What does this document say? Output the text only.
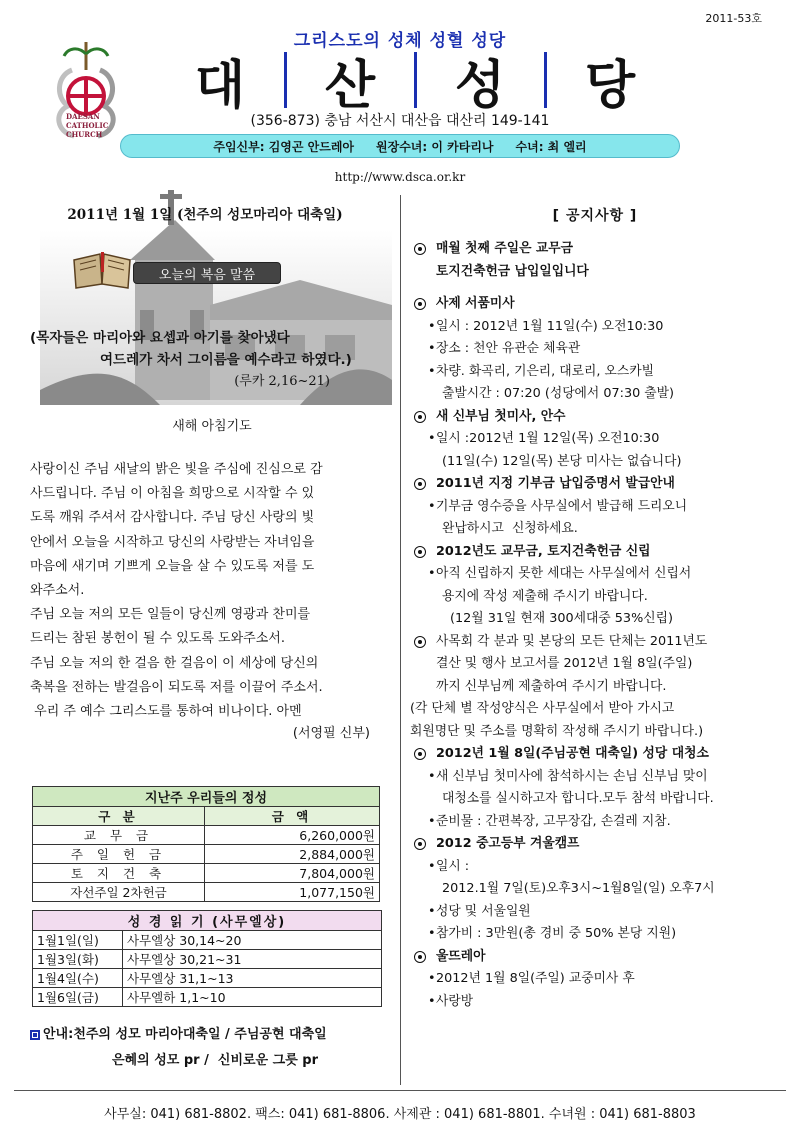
2011-53호
그리스도의 성체 성혈 성당
DAESAN
CATHOLIC
CHURCH
대	산	성	당
(356-873) 충남 서산시 대산읍 대산리 149-141
주임신부: 김영곤 안드레아 원장수녀: 이 카타리나 수녀: 최 엘리
http://www.dsca.or.kr
2011년 1월 1일 (천주의 성모마리아 대축일)
오늘의 복음 말씀
(목자들은 마리아와 요셉과 아기를 찾아냈다
여드레가 차서 그이름을 예수라고 하였다.)
(루카 2,16~21)
새해 아침기도

사랑이신 주님 새날의 밝은 빛을 주심에 진심으로 감

사드립니다. 주님 이 아침을 희망으로 시작할 수 있

도록 깨워 주셔서 감사합니다. 주님 당신 사랑의 빛

안에서 오늘을 시작하고 당신의 사랑받는 자녀임을

마음에 새기며 기쁘게 오늘을 살 수 있도록 저를 도

와주소서.

주님 오늘 저의 모든 일들이 당신께 영광과 찬미를

드리는 참된 봉헌이 될 수 있도록 도와주소서.

주님 오늘 저의 한 걸음 한 걸음이 이 세상에 당신의

축복을 전하는 발걸음이 되도록 저를 이끌어 주소서.

우리 주 예수 그리스도를 통하여 비나이다. 아멘

(서영필 신부)
지난주 우리들의 정성	
구 분	금 액
교 무 금	6,260,000원
주 일 헌 금	2,884,000원
토 지 건 축	7,804,000원
자선주일 2차헌금	1,077,150원
성 경 읽 기 (사무엘상)	
1월1일(일)	사무엘상 30,14~20
1월3일(화)	사무엘상 30,21~31
1월4일(수)	사무엘상 31,1~13
1월6일(금)	사무엘하 1,1~10
안내:천주의 성모 마리아대축일 / 주님공현 대축일
은혜의 성모 pr /  신비로운 그릇 pr
[ 공지사항 ]
매월 첫째 주일은 교무금
토지건축헌금 납입일입니다
사제 서품미사
• 일시 : 2012년 1월 11일(수) 오전10:30
• 장소 : 천안 유관순 체육관
• 차량. 화곡리, 기은리, 대로리, 오스카빌
출발시간 : 07:20 (성당에서 07:30 출발)
새 신부님 첫미사, 안수
• 일시 :2012년 1월 12일(목) 오전10:30
(11일(수) 12일(목) 본당 미사는 없습니다)
2011년 지정 기부금 납입증명서 발급안내
• 기부금 영수증을 사무실에서 발급해 드리오니
완납하시고  신청하세요.
2012년도 교무금, 토지건축헌금 신립
• 아직 신립하지 못한 세대는 사무실에서 신립서
용지에 작성 제출해 주시기 바랍니다.
(12월 31일 현재 300세대중 53%신립)
사목회 각 분과 및 본당의 모든 단체는 2011년도
결산 및 행사 보고서를 2012년 1월 8일(주일)
까지 신부님께 제출하여 주시기 바랍니다.
(각 단체 별 작성양식은 사무실에서 받아 가시고
회원명단 및 주소를 명확히 작성해 주시기 바랍니다.)
2012년 1월 8일(주님공현 대축일) 성당 대청소
• 새 신부님 첫미사에 참석하시는 손님 신부님 맞이
대청소를 실시하고자 합니다.모두 참석 바랍니다.
• 준비물 : 간편복장, 고무장갑, 손걸레 지참.
2012 중고등부 겨울캠프
• 일시 :
2012.1월 7일(토)오후3시~1월8일(일) 오후7시
• 성당 및 서울일원
• 참가비 : 3만원(총 경비 중 50% 본당 지원)
울뜨레아
• 2012년 1월 8일(주일) 교중미사 후
• 사랑방
사무실: 041) 681-8802. 팩스: 041) 681-8806. 사제관 : 041) 681-8801. 수녀원 : 041) 681-8803
